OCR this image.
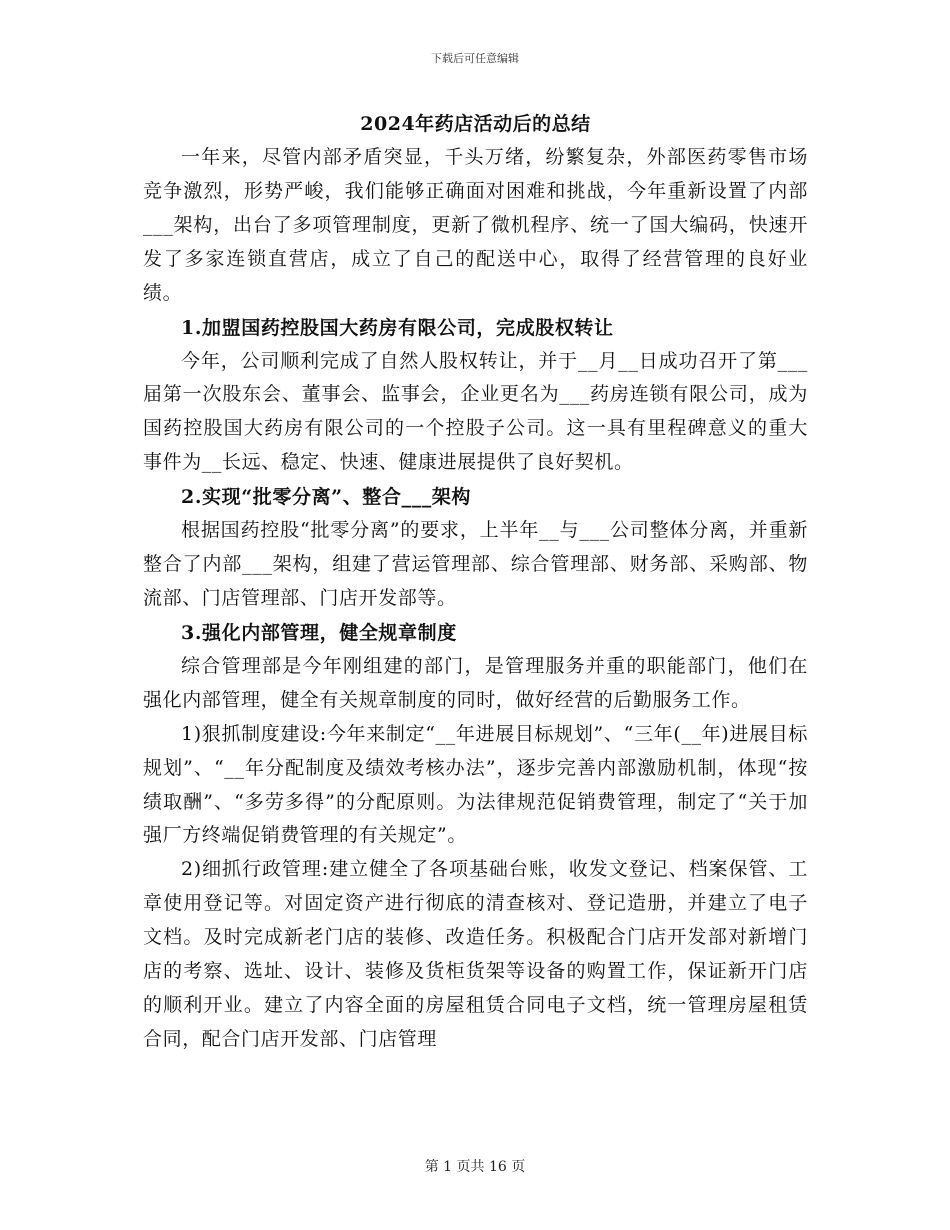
下载后可任意编辑
2024年药店活动后的总结

一年来，尽管内部矛盾突显，千头万绪，纷繁复杂，外部医药零售市场竞争激烈，形势严峻，我们能够正确面对困难和挑战，今年重新设置了内部___架构，出台了多项管理制度，更新了微机程序、统一了国大编码，快速开发了多家连锁直营店，成立了自己的配送中心，取得了经营管理的良好业绩。

1.加盟国药控股国大药房有限公司，完成股权转让

今年，公司顺利完成了自然人股权转让，并于__月__日成功召开了第___届第一次股东会、董事会、监事会，企业更名为___药房连锁有限公司，成为国药控股国大药房有限公司的一个控股子公司。这一具有里程碑意义的重大事件为__长远、稳定、快速、健康进展提供了良好契机。

2.实现“批零分离”、整合___架构

根据国药控股“批零分离”的要求，上半年__与___公司整体分离，并重新整合了内部___架构，组建了营运管理部、综合管理部、财务部、采购部、物流部、门店管理部、门店开发部等。

3.强化内部管理，健全规章制度

综合管理部是今年刚组建的部门，是管理服务并重的职能部门，他们在强化内部管理，健全有关规章制度的同时，做好经营的后勤服务工作。

1)狠抓制度建设:今年来制定“__年进展目标规划”、“三年(__年)进展目标规划”、“__年分配制度及绩效考核办法”，逐步完善内部激励机制，体现“按绩取酬”、“多劳多得”的分配原则。为法律规范促销费管理，制定了“关于加强厂方终端促销费管理的有关规定”。

2)细抓行政管理:建立健全了各项基础台账，收发文登记、档案保管、工章使用登记等。对固定资产进行彻底的清查核对、登记造册，并建立了电子文档。及时完成新老门店的装修、改造任务。积极配合门店开发部对新增门店的考察、选址、设计、装修及货柜货架等设备的购置工作，保证新开门店的顺利开业。建立了内容全面的房屋租赁合同电子文档，统一管理房屋租赁合同，配合门店开发部、门店管理

第 1 页共 16 页
